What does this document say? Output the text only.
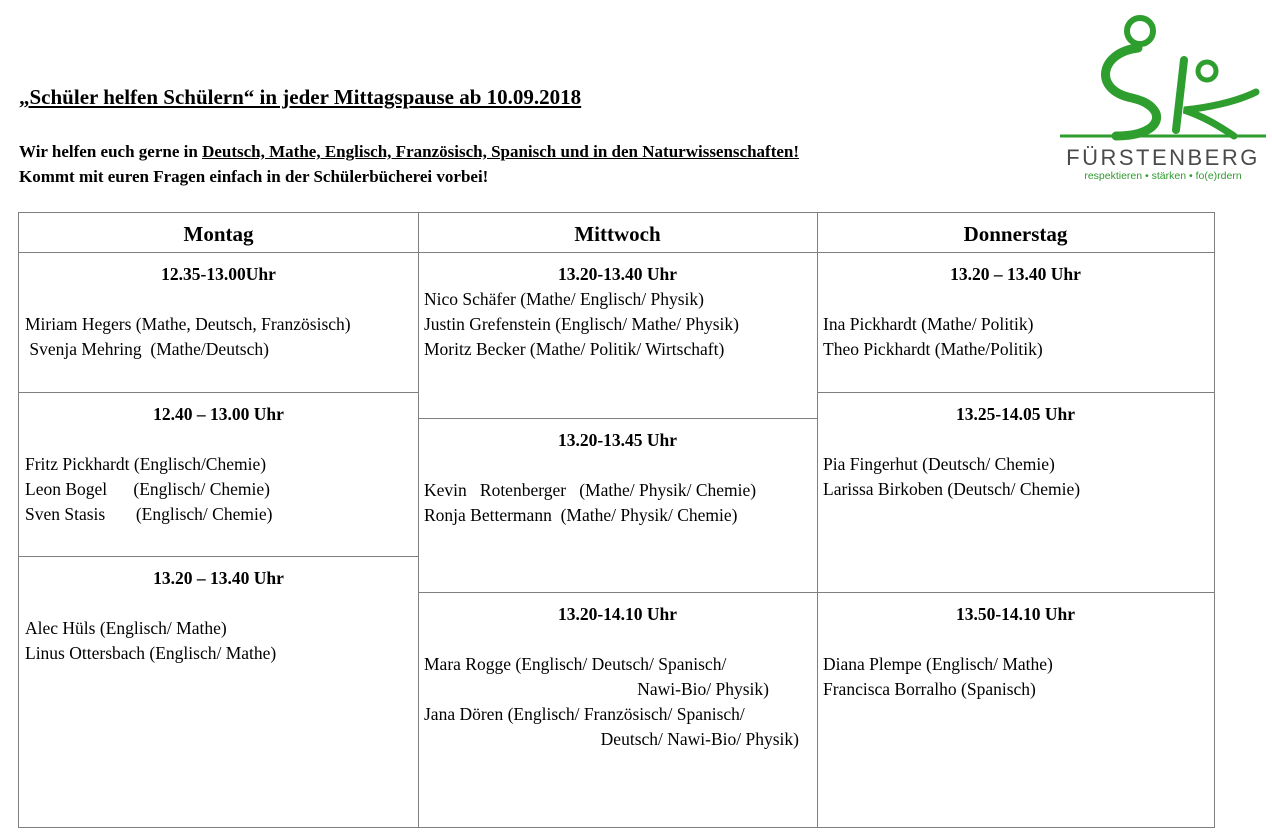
„Schüler helfen Schülern“ in jeder Mittagspause ab 10.09.2018
Wir helfen euch gerne in Deutsch, Mathe, Englisch, Französisch, Spanisch und in den Naturwissenschaften!
Kommt mit euren Fragen einfach in der Schülerbücherei vorbei!
FÜRSTENBERG
respektieren • stärken • fo(e)rdern
Montag
12.35-13.00Uhr
Miriam Hegers (Mathe, Deutsch, Französisch)
Svenja Mehring  (Mathe/Deutsch)
12.40 – 13.00 Uhr
Fritz Pickhardt (Englisch/Chemie)
Leon Bogel      (Englisch/ Chemie)
Sven Stasis       (Englisch/ Chemie)
13.20 – 13.40 Uhr
Alec Hüls (Englisch/ Mathe)
Linus Ottersbach (Englisch/ Mathe)
Mittwoch
13.20-13.40 Uhr
Nico Schäfer (Mathe/ Englisch/ Physik)
Justin Grefenstein (Englisch/ Mathe/ Physik)
Moritz Becker (Mathe/ Politik/ Wirtschaft)
13.20-13.45 Uhr
Kevin   Rotenberger   (Mathe/ Physik/ Chemie)
Ronja Bettermann  (Mathe/ Physik/ Chemie)
13.20-14.10 Uhr
Mara Rogge (Englisch/ Deutsch/ Spanisch/
Nawi-Bio/ Physik)
Jana Dören (Englisch/ Französisch/ Spanisch/
Deutsch/ Nawi-Bio/ Physik)
Donnerstag
13.20 – 13.40 Uhr
Ina Pickhardt (Mathe/ Politik)
Theo Pickhardt (Mathe/Politik)
13.25-14.05 Uhr
Pia Fingerhut (Deutsch/ Chemie)
Larissa Birkoben (Deutsch/ Chemie)
13.50-14.10 Uhr
Diana Plempe (Englisch/ Mathe)
Francisca Borralho (Spanisch)
